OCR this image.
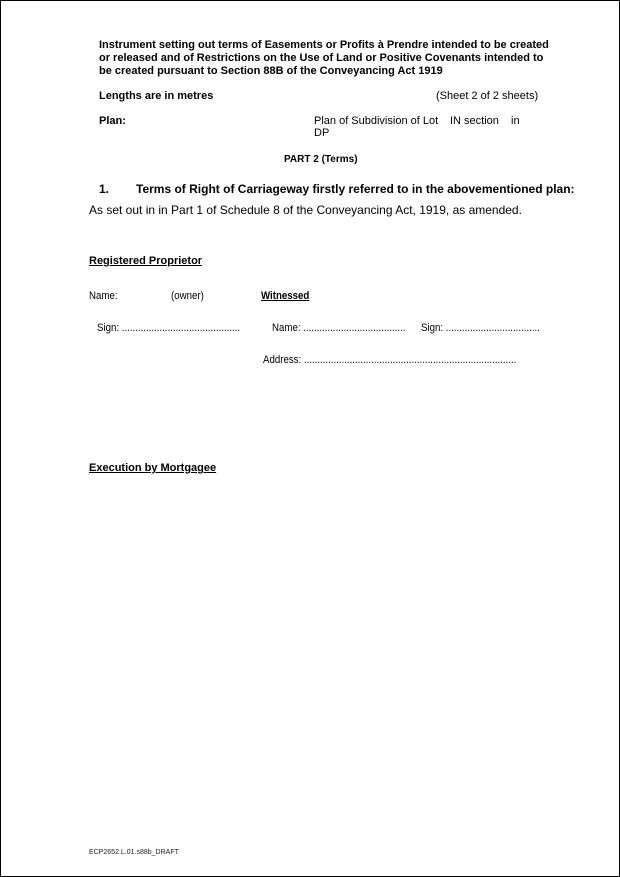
Instrument setting out terms of Easements or Profits à Prendre intended to be created or released and of Restrictions on the Use of Land or Positive Covenants intended to be created pursuant to Section 88B of the Conveyancing Act 1919
Lengths are in metres	(Sheet 2 of 2 sheets)
Plan:	Plan of Subdivision of Lot
DP
IN section in
PART 2 (Terms)
1. Terms of Right of Carriageway firstly referred to in the abovementioned plan:
As set out in in Part 1 of Schedule 8 of the Conveyancing Act, 1919, as amended.
Registered Proprietor
Name:	(owner)	Witnessed
Sign: ............................................	Name: ...................................... Sign: ...................................
Address: ...............................................................................
Execution by Mortgagee
ECP2652.L.01.s88b_DRAFT
